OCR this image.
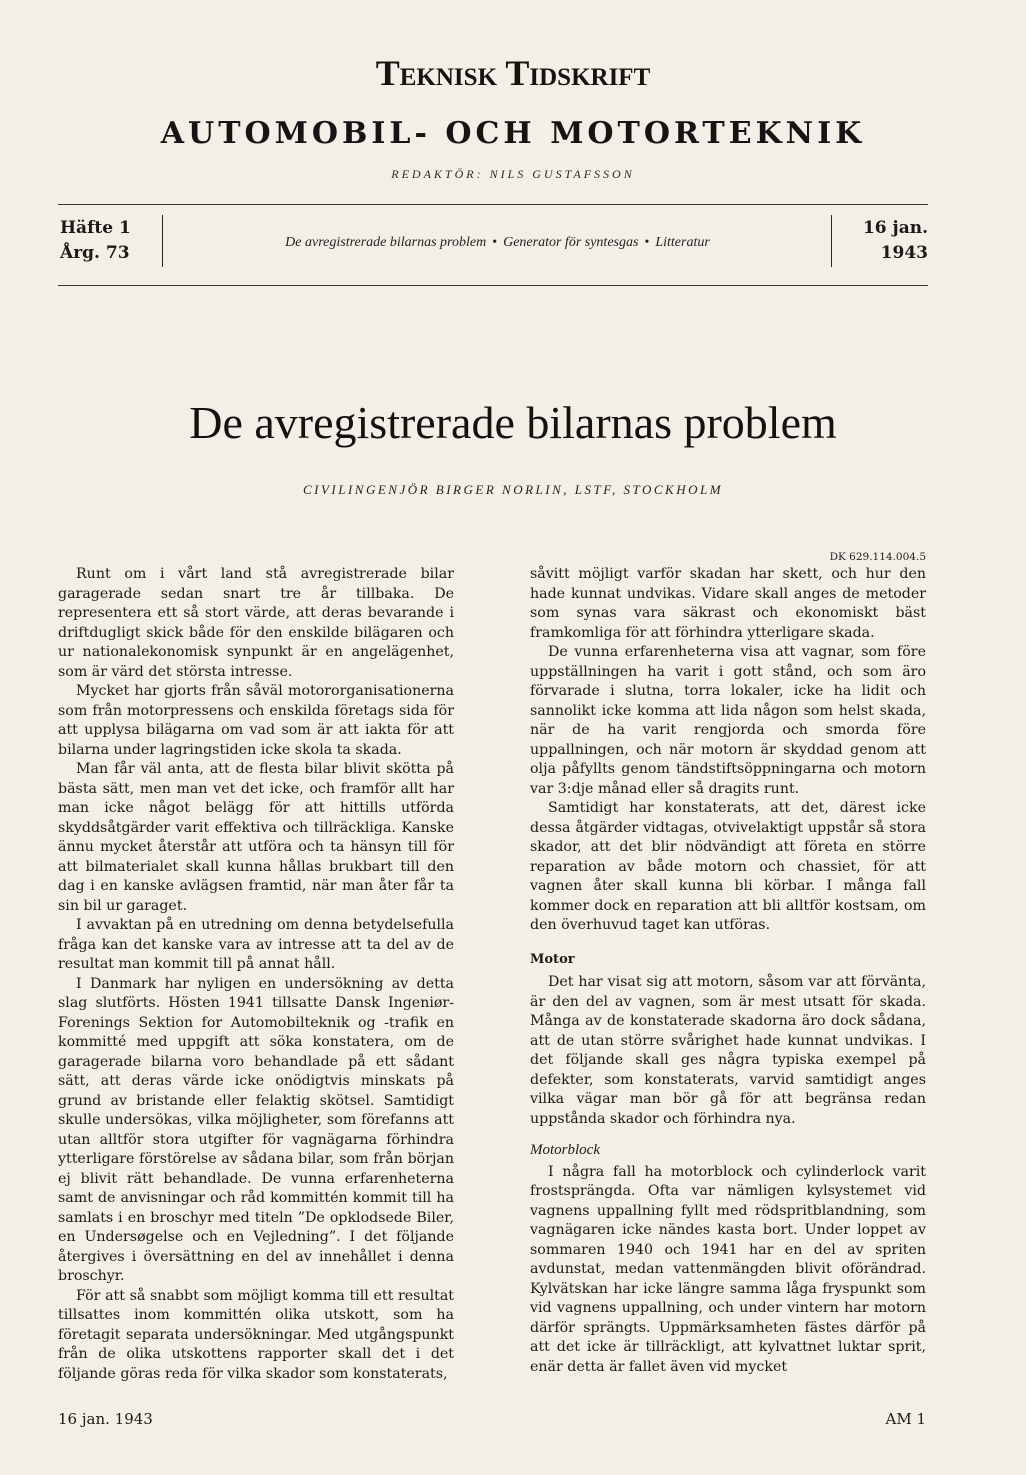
Teknisk Tidskrift
AUTOMOBIL- OCH MOTORTEKNIK
REDAKTÖR: NILS GUSTAFSSON
Häfte 1
Årg. 73
De avregistrerade bilarnas problem • Generator för syntesgas • Litteratur
16 jan.
1943
De avregistrerade bilarnas problem
CIVILINGENJÖR BIRGER NORLIN, LSTF, STOCKHOLM
DK 629.114.004.5

Runt om i vårt land stå avregistrerade bilar garagerade sedan snart tre år tillbaka. De representera ett så stort värde, att deras bevarande i driftdugligt skick både för den enskilde bilägaren och ur nationalekonomisk synpunkt är en angelägenhet, som är värd det största intresse.

Mycket har gjorts från såväl motororganisationerna som från motorpressens och enskilda företags sida för att upplysa bilägarna om vad som är att iakta för att bilarna under lagringstiden icke skola ta skada.

Man får väl anta, att de flesta bilar blivit skötta på bästa sätt, men man vet det icke, och framför allt har man icke något belägg för att hittills utförda skyddsåtgärder varit effektiva och tillräckliga. Kanske ännu mycket återstår att utföra och ta hänsyn till för att bilmaterialet skall kunna hållas brukbart till den dag i en kanske avlägsen framtid, när man åter får ta sin bil ur garaget.

I avvaktan på en utredning om denna betydelsefulla fråga kan det kanske vara av intresse att ta del av de resultat man kommit till på annat håll.

I Danmark har nyligen en undersökning av detta slag slutförts. Hösten 1941 tillsatte Dansk Ingeniør-Forenings Sektion for Automobilteknik og -trafik en kommitté med uppgift att söka konstatera, om de garagerade bilarna voro behandlade på ett sådant sätt, att deras värde icke onödigtvis minskats på grund av bristande eller felaktig skötsel. Samtidigt skulle undersökas, vilka möjligheter, som förefanns att utan alltför stora utgifter för vagnägarna förhindra ytterligare förstörelse av sådana bilar, som från början ej blivit rätt behandlade. De vunna erfarenheterna samt de anvisningar och råd kommittén kommit till ha samlats i en broschyr med titeln ”De opklodsede Biler, en Undersøgelse och en Vejledning”. I det följande återgives i översättning en del av innehållet i denna broschyr.

För att så snabbt som möjligt komma till ett resultat tillsattes inom kommittén olika utskott, som ha företagit separata undersökningar. Med utgångspunkt från de olika utskottens rapporter skall det i det följande göras reda för vilka skador som konstaterats,

såvitt möjligt varför skadan har skett, och hur den hade kunnat undvikas. Vidare skall anges de metoder som synas vara säkrast och ekonomiskt bäst framkomliga för att förhindra ytterligare skada.

De vunna erfarenheterna visa att vagnar, som före uppställningen ha varit i gott stånd, och som äro förvarade i slutna, torra lokaler, icke ha lidit och sannolikt icke komma att lida någon som helst skada, när de ha varit rengjorda och smorda före uppallningen, och när motorn är skyddad genom att olja påfyllts genom tändstiftsöppningarna och motorn var 3:dje månad eller så dragits runt.

Samtidigt har konstaterats, att det, därest icke dessa åtgärder vidtagas, otvivelaktigt uppstår så stora skador, att det blir nödvändigt att företa en större reparation av både motorn och chassiet, för att vagnen åter skall kunna bli körbar. I många fall kommer dock en reparation att bli alltför kostsam, om den överhuvud taget kan utföras.

Motor

Det har visat sig att motorn, såsom var att förvänta, är den del av vagnen, som är mest utsatt för skada. Många av de konstaterade skadorna äro dock sådana, att de utan större svårighet hade kunnat undvikas. I det följande skall ges några typiska exempel på defekter, som konstaterats, varvid samtidigt anges vilka vägar man bör gå för att begränsa redan uppstånda skador och förhindra nya.

Motorblock

I några fall ha motorblock och cylinderlock varit frostsprängda. Ofta var nämligen kylsystemet vid vagnens uppallning fyllt med rödspritblandning, som vagnägaren icke nändes kasta bort. Under loppet av sommaren 1940 och 1941 har en del av spriten avdunstat, medan vattenmängden blivit oförändrad. Kylvätskan har icke längre samma låga fryspunkt som vid vagnens uppallning, och under vintern har motorn därför sprängts. Uppmärksamheten fästes därför på att det icke är tillräckligt, att kylvattnet luktar sprit, enär detta är fallet även vid mycket

16 jan. 1943	AM 1
